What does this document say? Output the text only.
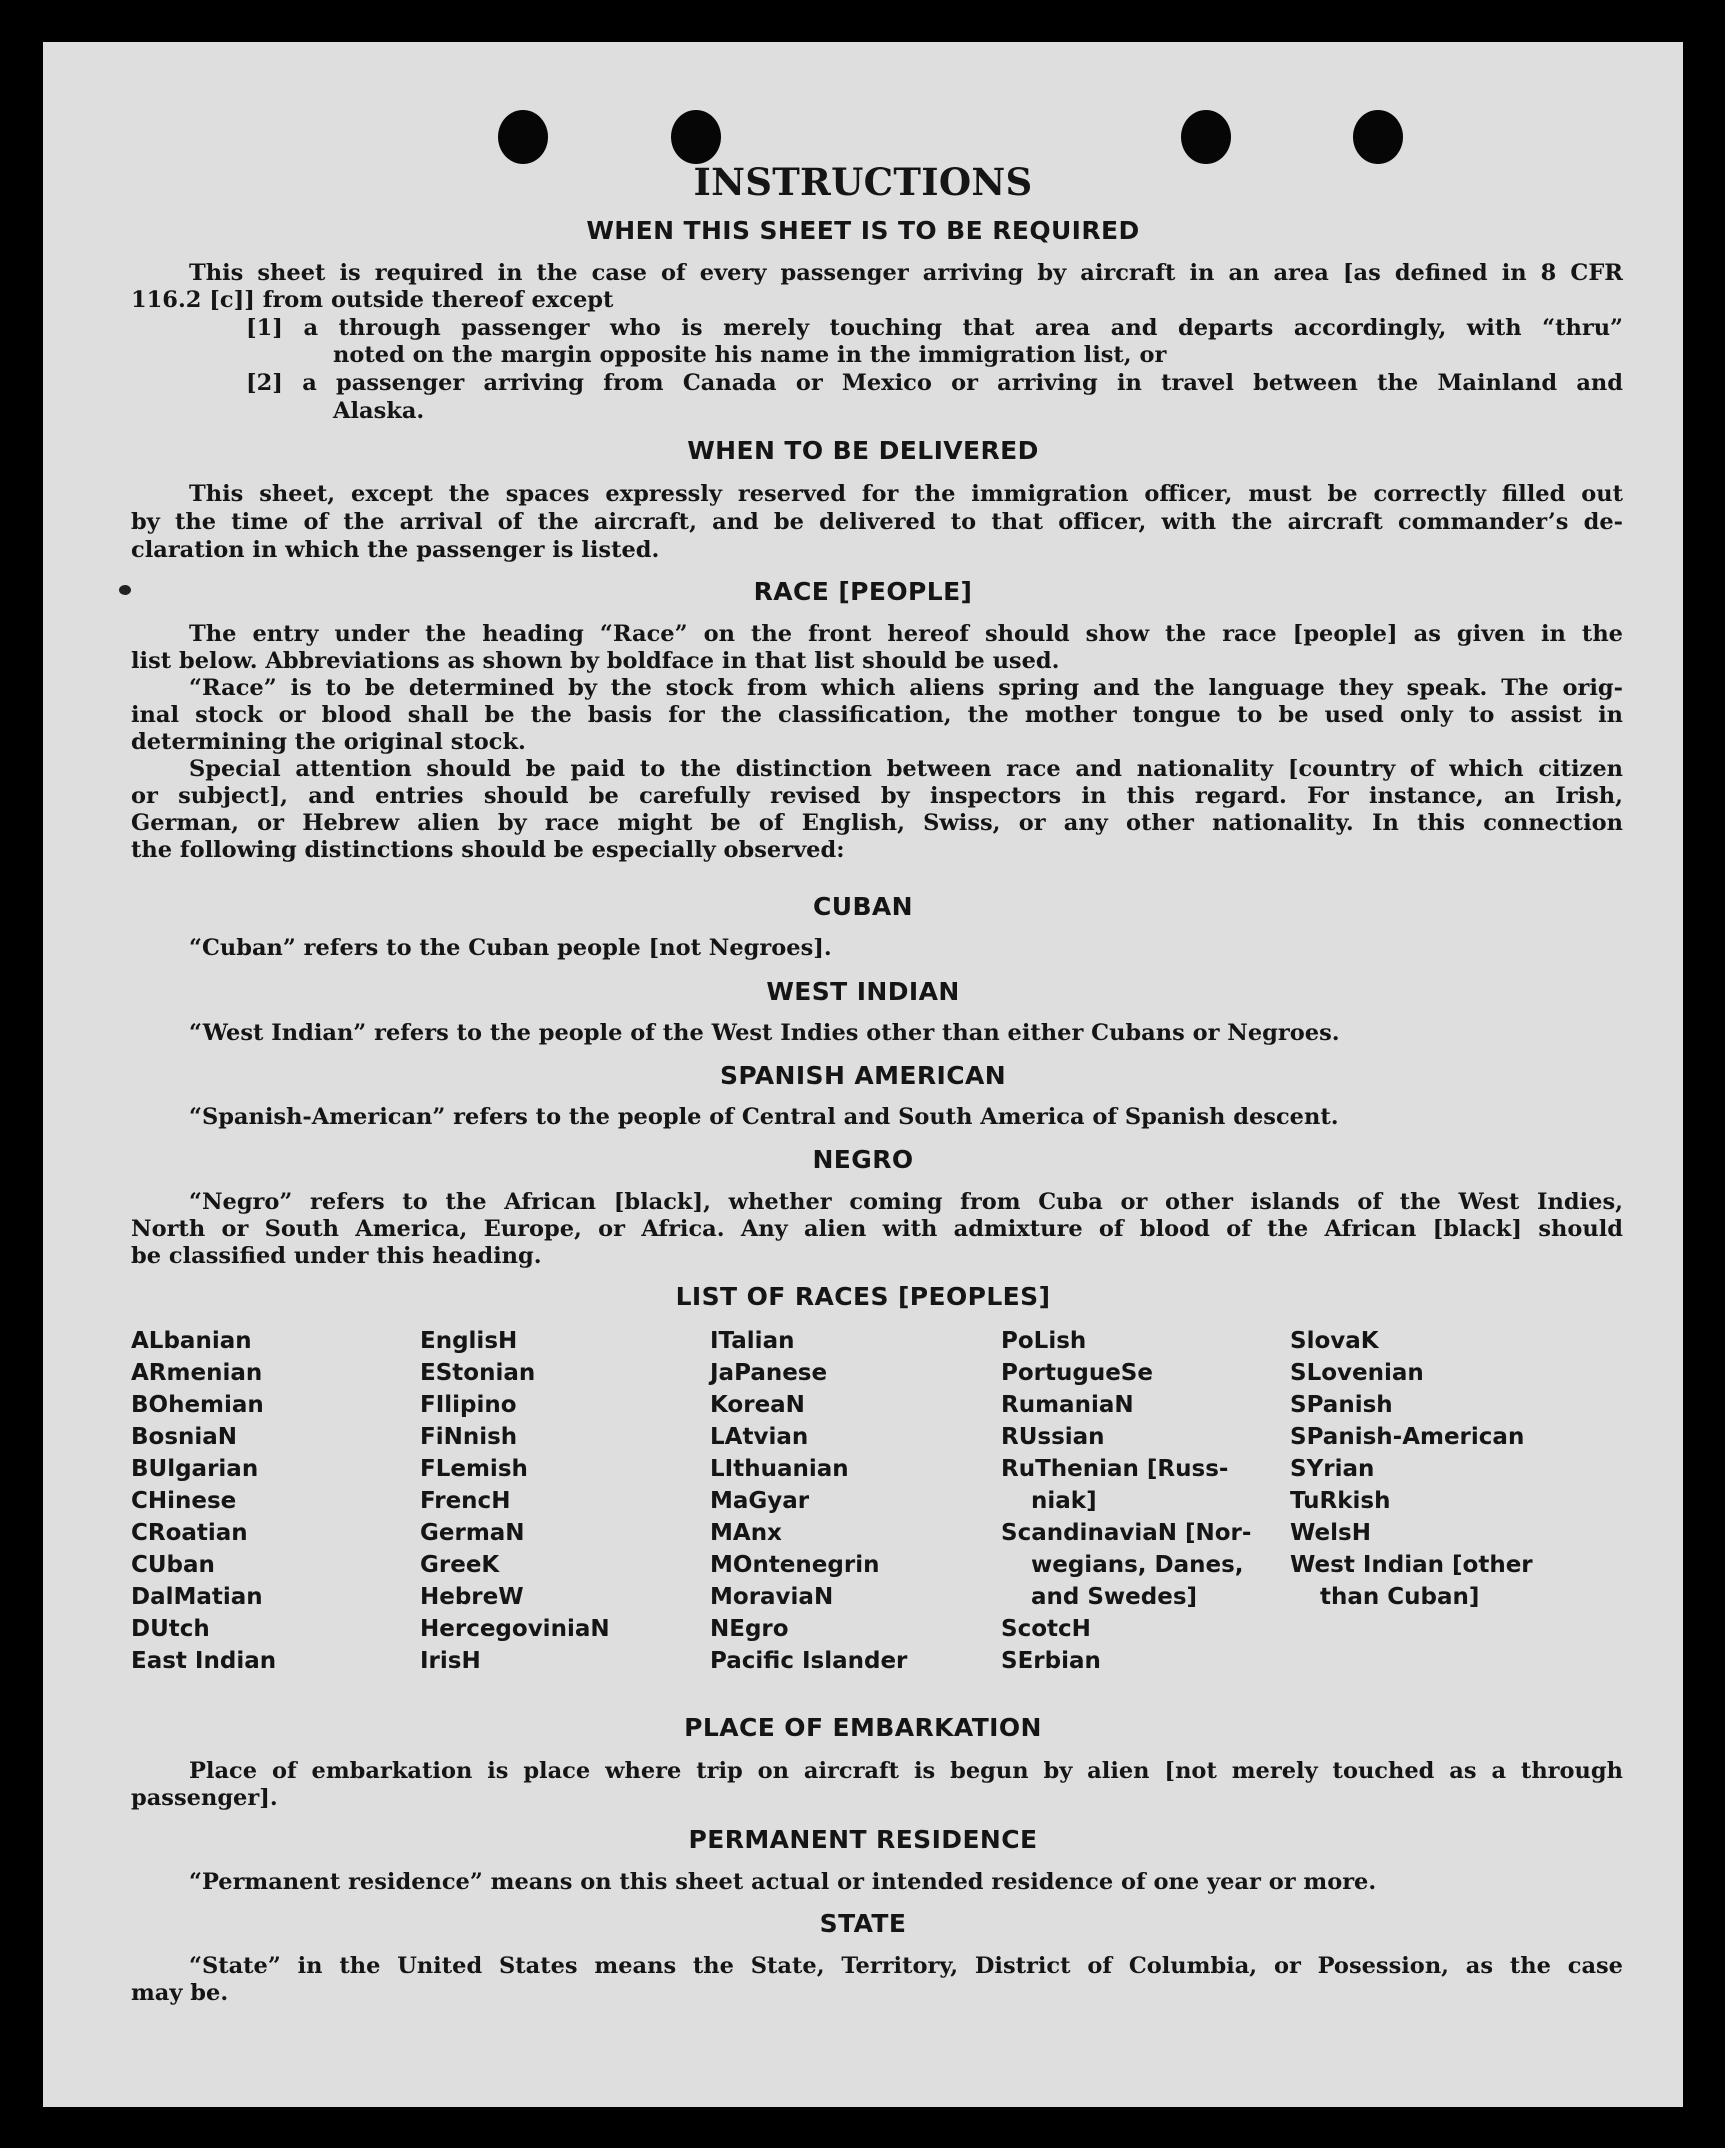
INSTRUCTIONS
WHEN THIS SHEET IS TO BE REQUIRED
This sheet is required in the case of every passenger arriving by aircraft in an area [as defined in 8 CFR
116.2 [c]] from outside thereof except
[1] a through passenger who is merely touching that area and departs accordingly, with “thru”
noted on the margin opposite his name in the immigration list, or
[2] a passenger arriving from Canada or Mexico or arriving in travel between the Mainland and
Alaska.
WHEN TO BE DELIVERED
This sheet, except the spaces expressly reserved for the immigration officer, must be correctly filled out
by the time of the arrival of the aircraft, and be delivered to that officer, with the aircraft commander’s de-
claration in which the passenger is listed.
RACE [PEOPLE]
The entry under the heading “Race” on the front hereof should show the race [people] as given in the
list below. Abbreviations as shown by boldface in that list should be used.
“Race” is to be determined by the stock from which aliens spring and the language they speak. The orig-
inal stock or blood shall be the basis for the classification, the mother tongue to be used only to assist in
determining the original stock.
Special attention should be paid to the distinction between race and nationality [country of which citizen
or subject], and entries should be carefully revised by inspectors in this regard. For instance, an Irish,
German, or Hebrew alien by race might be of English, Swiss, or any other nationality. In this connection
the following distinctions should be especially observed:
CUBAN
“Cuban” refers to the Cuban people [not Negroes].
WEST INDIAN
“West Indian” refers to the people of the West Indies other than either Cubans or Negroes.
SPANISH AMERICAN
“Spanish-American” refers to the people of Central and South America of Spanish descent.
NEGRO
“Negro” refers to the African [black], whether coming from Cuba or other islands of the West Indies,
North or South America, Europe, or Africa. Any alien with admixture of blood of the African [black] should
be classified under this heading.
LIST OF RACES [PEOPLES]
ALbanian
ARmenian
BOhemian
BosniaN
BUlgarian
CHinese
CRoatian
CUban
DalMatian
DUtch
East Indian
EnglisH
EStonian
FIlipino
FiNnish
FLemish
FrencH
GermaN
GreeK
HebreW
HercegoviniaN
IrisH
ITalian
JaPanese
KoreaN
LAtvian
LIthuanian
MaGyar
MAnx
MOntenegrin
MoraviaN
NEgro
Pacific Islander
PoLish
PortugueSe
RumaniaN
RUssian
RuThenian [Russ-
niak]
ScandinaviaN [Nor-
wegians, Danes,
and Swedes]
ScotcH
SErbian
SlovaK
SLovenian
SPanish
SPanish-American
SYrian
TuRkish
WelsH
West Indian [other
than Cuban]
PLACE OF EMBARKATION
Place of embarkation is place where trip on aircraft is begun by alien [not merely touched as a through
passenger].
PERMANENT RESIDENCE
“Permanent residence” means on this sheet actual or intended residence of one year or more.
STATE
“State” in the United States means the State, Territory, District of Columbia, or Posession, as the case
may be.
